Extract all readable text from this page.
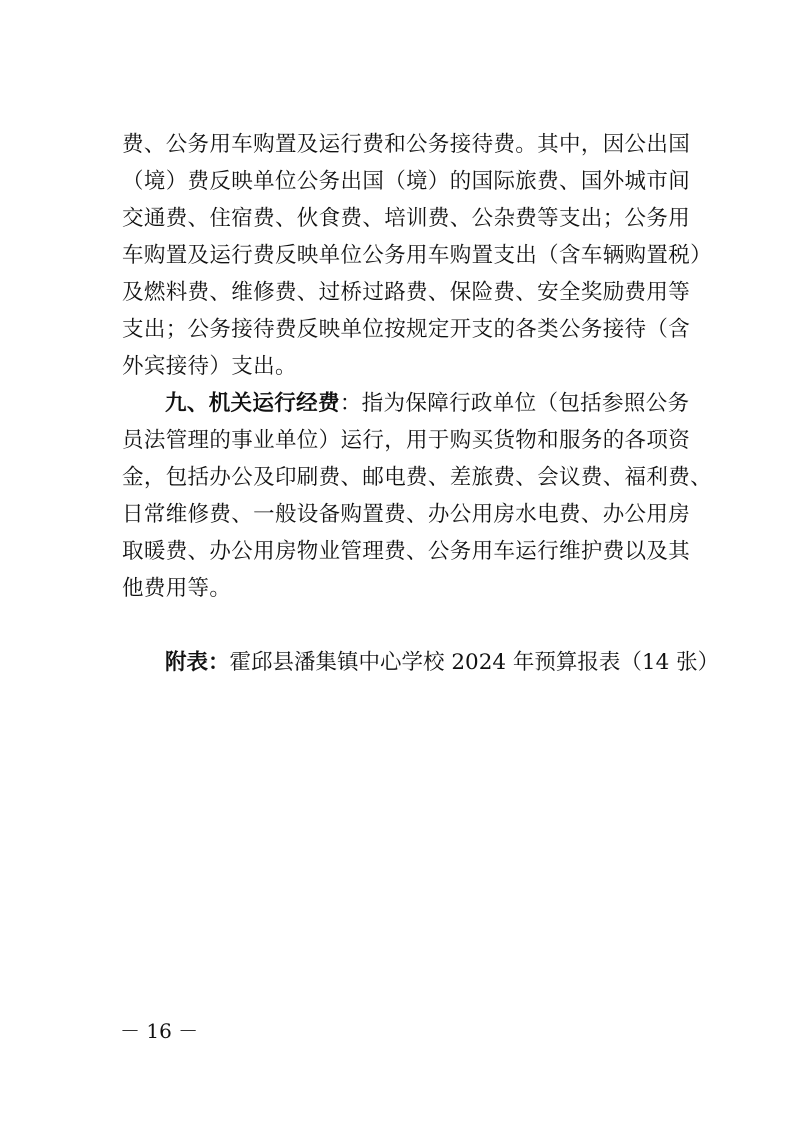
费、公务用车购置及运行费和公务接待费。其中，因公出国
（境）费反映单位公务出国（境）的国际旅费、国外城市间
交通费、住宿费、伙食费、培训费、公杂费等支出；公务用
车购置及运行费反映单位公务用车购置支出（含车辆购置税）
及燃料费、维修费、过桥过路费、保险费、安全奖励费用等
支出；公务接待费反映单位按规定开支的各类公务接待（含
外宾接待）支出。
九、机关运行经费：指为保障行政单位（包括参照公务
员法管理的事业单位）运行，用于购买货物和服务的各项资
金，包括办公及印刷费、邮电费、差旅费、会议费、福利费、
日常维修费、一般设备购置费、办公用房水电费、办公用房
取暖费、办公用房物业管理费、公务用车运行维护费以及其
他费用等。
附表：霍邱县潘集镇中心学校 2024 年预算报表（14 张）
－ 16 －
